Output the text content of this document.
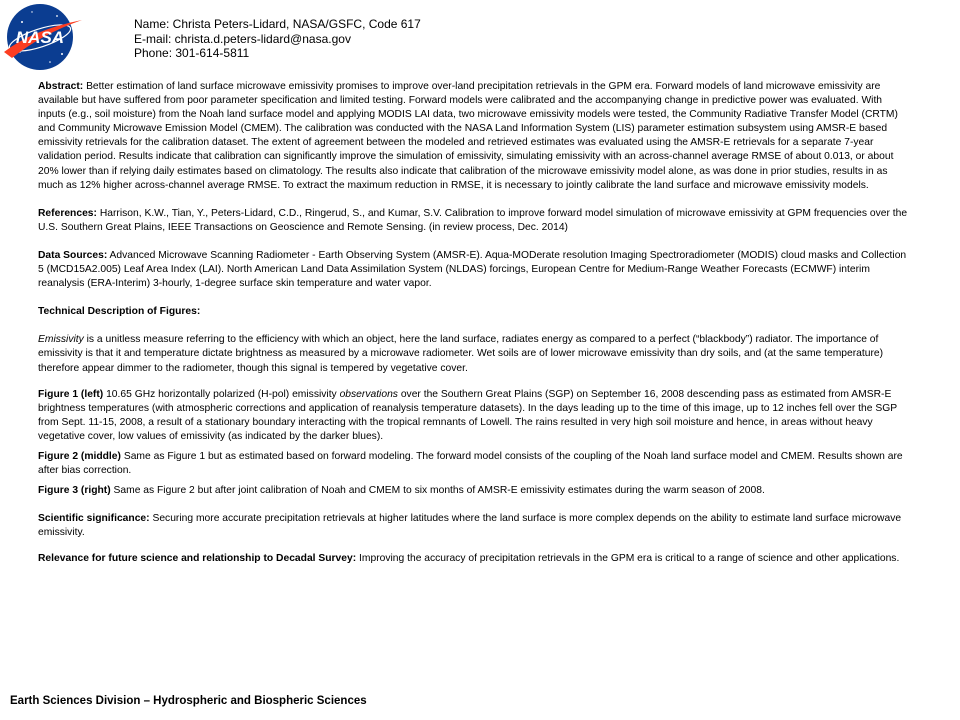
NASA
Name: Christa Peters-Lidard, NASA/GSFC, Code 617
E-mail: christa.d.peters-lidard@nasa.gov
Phone: 301-614-5811

Abstract: Better estimation of land surface microwave emissivity promises to improve over-land precipitation retrievals in the GPM era. Forward models of land microwave emissivity are available but have suffered from poor parameter specification and limited testing. Forward models were calibrated and the accompanying change in predictive power was evaluated. With inputs (e.g., soil moisture) from the Noah land surface model and applying MODIS LAI data, two microwave emissivity models were tested, the Community Radiative Transfer Model (CRTM) and Community Microwave Emission Model (CMEM). The calibration was conducted with the NASA Land Information System (LIS) parameter estimation subsystem using AMSR-E based emissivity retrievals for the calibration dataset. The extent of agreement between the modeled and retrieved estimates was evaluated using the AMSR-E retrievals for a separate 7-year validation period. Results indicate that calibration can significantly improve the simulation of emissivity, simulating emissivity with an across-channel average RMSE of about 0.013, or about 20% lower than if relying daily estimates based on climatology. The results also indicate that calibration of the microwave emissivity model alone, as was done in prior studies, results in as much as 12% higher across-channel average RMSE. To extract the maximum reduction in RMSE, it is necessary to jointly calibrate the land surface and microwave emissivity models.

References: Harrison, K.W., Tian, Y., Peters-Lidard, C.D., Ringerud, S., and Kumar, S.V. Calibration to improve forward model simulation of microwave emissivity at GPM frequencies over the U.S. Southern Great Plains, IEEE Transactions on Geoscience and Remote Sensing. (in review process, Dec. 2014)

Data Sources: Advanced Microwave Scanning Radiometer - Earth Observing System (AMSR-E). Aqua-MODerate resolution Imaging Spectroradiometer (MODIS) cloud masks and Collection 5 (MCD15A2.005) Leaf Area Index (LAI). North American Land Data Assimilation System (NLDAS) forcings, European Centre for Medium-Range Weather Forecasts (ECMWF) interim reanalysis (ERA-Interim) 3-hourly, 1-degree surface skin temperature and water vapor.

Technical Description of Figures:

Emissivity is a unitless measure referring to the efficiency with which an object, here the land surface, radiates energy as compared to a perfect (“blackbody”) radiator. The importance of emissivity is that it and temperature dictate brightness as measured by a microwave radiometer. Wet soils are of lower microwave emissivity than dry soils, and (at the same temperature) therefore appear dimmer to the radiometer, though this signal is tempered by vegetative cover.

Figure 1 (left) 10.65 GHz horizontally polarized (H-pol) emissivity observations over the Southern Great Plains (SGP) on September 16, 2008 descending pass as estimated from AMSR-E brightness temperatures (with atmospheric corrections and application of reanalysis temperature datasets). In the days leading up to the time of this image, up to 12 inches fell over the SGP from Sept. 11-15, 2008, a result of a stationary boundary interacting with the tropical remnants of Lowell. The rains resulted in very high soil moisture and hence, in areas without heavy vegetative cover, low values of emissivity (as indicated by the darker blues).

Figure 2 (middle) Same as Figure 1 but as estimated based on forward modeling. The forward model consists of the coupling of the Noah land surface model and CMEM. Results shown are after bias correction.

Figure 3 (right) Same as Figure 2 but after joint calibration of Noah and CMEM to six months of AMSR-E emissivity estimates during the warm season of 2008.

Scientific significance: Securing more accurate precipitation retrievals at higher latitudes where the land surface is more complex depends on the ability to estimate land surface microwave emissivity.

Relevance for future science and relationship to Decadal Survey: Improving the accuracy of precipitation retrievals in the GPM era is critical to a range of science and other applications.

Earth Sciences Division – Hydrospheric and Biospheric Sciences
